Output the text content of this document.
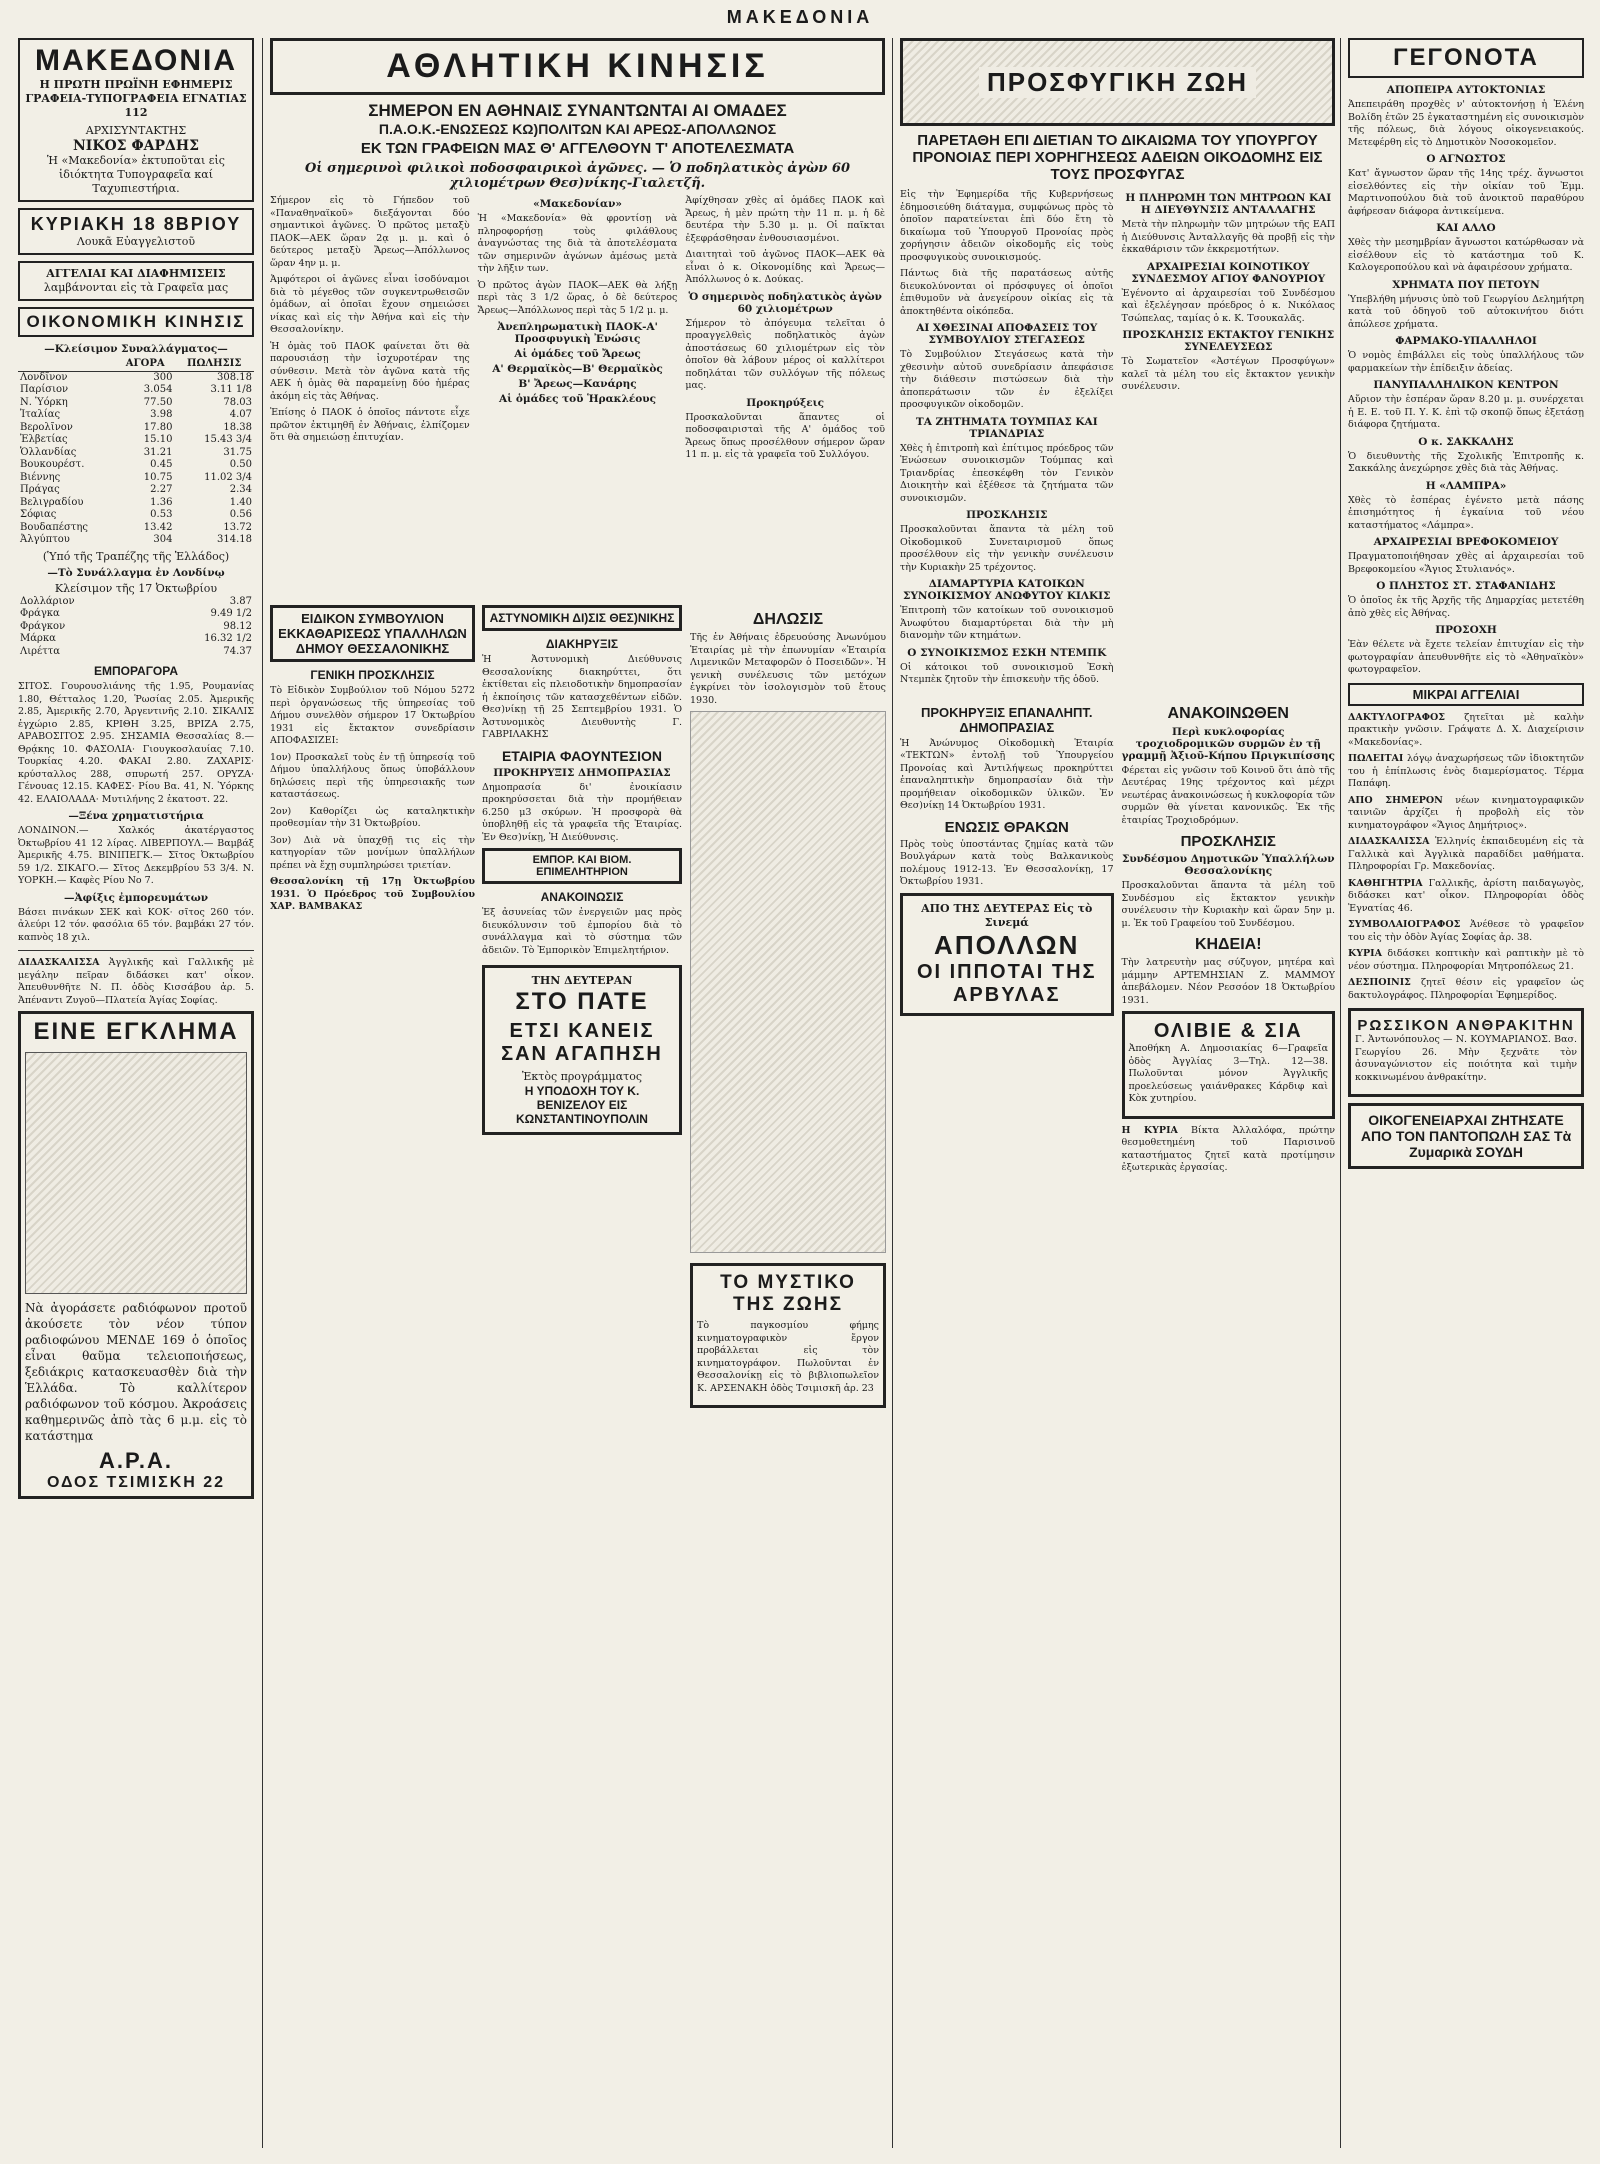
ΜΑΚΕΔΟΝΙΑ
ΜΑΚΕΔΟΝΙΑ
Η ΠΡΩΤΗ ΠΡΩΪΝΗ ΕΦΗΜΕΡΙΣ
ΓΡΑΦΕΙΑ-ΤΥΠΟΓΡΑΦΕΙΑ ΕΓΝΑΤΙΑΣ 112
ΑΡΧΙΣΥΝΤΑΚΤΗΣ
ΝΙΚΟΣ ΦΑΡΔΗΣ
Ἡ «Μακεδονία» ἐκτυποῦται εἰς ἰδιόκτητα Τυπογραφεῖα καί Ταχυπιεστήρια.
ΚΥΡΙΑΚΗ 18 8ΒΡΙΟΥ
Λουκᾶ Εὐαγγελιστοῦ
ΑΓΓΕΛΙΑΙ ΚΑΙ ΔΙΑΦΗΜΙΣΕΙΣ
λαμβάνονται εἰς τὰ Γραφεῖα μας
ΟΙΚΟΝΟΜΙΚΗ ΚΙΝΗΣΙΣ
—Κλείσιμον Συναλλάγματος—
	ΑΓΟΡΑ	ΠΩΛΗΣΙΣ
Λονδῖνον	300	308.18
Παρίσιον	3.054	3.11 1/8
Ν. Ὑόρκη	77.50	78.03
Ἰταλίας	3.98	4.07
Βερολῖνον	17.80	18.38
Ἐλβετίας	15.10	15.43 3/4
Ὁλλανδίας	31.21	31.75
Βουκουρέστ.	0.45	0.50
Βιέννης	10.75	11.02 3/4
Πράγας	2.27	2.34
Βελιγραδίου	1.36	1.40
Σόφιας	0.53	0.56
Βουδαπέστης	13.42	13.72
Ἀλγύπτου	304	314.18
(Ὑπό τῆς Τραπέζης τῆς Ἑλλάδος)
—Τὸ Συνάλλαγμα ἐν Λονδίνῳ
Κλείσιμον τῆς 17 Ὀκτωβρίου
Δολλάριον	3.87
Φράγκα	9.49 1/2
Φράγκον	98.12
Μάρκα	16.32 1/2
Λιρέττα	74.37
ΕΜΠΟΡΑΓΟΡΑ

ΣΙΤΟΣ. Γουρουσλιάνης τῆς 1.95, Ρουμανίας 1.80, Θέτταλος 1.20, Ῥωσίας 2.05. Ἀμερικῆς 2.85, Ἀμερικῆς 2.70, Ἀργεντινῆς 2.10. ΣΙΚΑΛΙΣ ἐγχώριο 2.85, ΚΡΙΘΗ 3.25, ΒΡΙΖΑ 2.75, ΑΡΑΒΟΣΙΤΟΣ 2.95. ΣΗΣΑΜΙΑ Θεσσαλίας 8.— Θρᾴκης 10. ΦΑΣΟΛΙΑ· Γιουγκοσλαυίας 7.10. Τουρκίας 4.20. ΦΑΚΑΙ 2.80. ΖΑΧΑΡΙΣ· κρύσταλλος 288, σπυρωτή 257. ΟΡΥΖΑ· Γένουας 12.15. ΚΑΦΕΣ· Ρίου Βα. 41, Ν. Ὑόρκης 42. ΕΛΑΙΟΛΑΔΑ· Μυτιλήνης 2 ἑκατοστ. 22.

—Ξένα χρηματιστήρια

ΛΟΝΔΙΝΟΝ.— Χαλκός ἀκατέργαστος Ὀκτωβρίου 41 12 λίρας. ΛΙΒΕΡΠΟΥΛ.— Βαμβάξ Ἀμερικῆς 4.75. ΒΙΝΙΠΕΓΚ.— Σῖτος Ὀκτωβρίου 59 1/2. ΣΙΚΑΓΟ.— Σῖτος Δεκεμβρίου 53 3/4. Ν. ΥΟΡΚΗ.— Καφὲς Ρίου Νο 7.

—Ἀφίξις ἐμπορευμάτων

Βάσει πινάκων ΣΕΚ καὶ ΚΟΚ· σῖτος 260 τόν. ἀλεύρι 12 τόν. φασόλια 65 τόν. βαμβάκι 27 τόν. καπνὸς 18 χιλ.

ΔΙΔΑΣΚΑΛΙΣΣΑ Ἀγγλικῆς καὶ Γαλλικῆς μὲ μεγάλην πεῖραν διδάσκει κατ' οἶκον. Ἀπευθυνθῆτε Ν. Π. ὁδὸς Κισσάβου ἀρ. 5. Ἀπέναντι Ζυγοῦ—Πλατεία Ἁγίας Σοφίας.

ΕΙΝΕ ΕΓΚΛΗΜΑ
Νὰ ἀγοράσετε ραδιόφωνον προτοῦ ἀκούσετε τὸν νέον τύπον ραδιοφώνου ΜΕΝΔΕ 169 ὁ ὁποῖος εἶναι θαῦμα τελειοποιήσεως, ξεδιάκρις κατασκευασθὲν διὰ τὴν Ἑλλάδα. Τὸ καλλίτερον ραδιόφωνον τοῦ κόσμου. Ἀκροάσεις καθημερινῶς ἀπὸ τὰς 6 μ.μ. εἰς τὸ κατάστημα
Α.Ρ.Α.
ΟΔΟΣ ΤΣΙΜΙΣΚΗ 22
ΑΘΛΗΤΙΚΗ ΚΙΝΗΣΙΣ
ΣΗΜΕΡΟΝ ΕΝ ΑΘΗΝΑΙΣ ΣΥΝΑΝΤΩΝΤΑΙ ΑΙ ΟΜΑΔΕΣ
Π.Α.Ο.Κ.-ΕΝΩΣΕΩΣ ΚΩ)ΠΟΛΙΤΩΝ ΚΑΙ ΑΡΕΩΣ-ΑΠΟΛΛΩΝΟΣ
ΕΚ ΤΩΝ ΓΡΑΦΕΙΩΝ ΜΑΣ Θ' ΑΓΓΕΛΘΟΥΝ Τ' ΑΠΟΤΕΛΕΣΜΑΤΑ
Οἱ σημερινοὶ φιλικοὶ ποδοσφαιρικοὶ ἀγῶνες. — Ὁ ποδηλατικὸς ἀγὼν 60 χιλιομέτρων Θεσ)νίκης-Γιαλετζῆ.

Σήμερον εἰς τὸ Γήπεδον τοῦ «Παναθηναϊκοῦ» διεξάγονται δύο σημαντικοὶ ἀγῶνες. Ὁ πρῶτος μεταξὺ ΠΑΟΚ—ΑΕΚ ὥραν 2ᾳ μ. μ. καὶ ὁ δεύτερος μεταξὺ Ἄρεως—Ἀπόλλωνος ὥραν 4ην μ. μ.

Ἀμφότεροι οἱ ἀγῶνες εἶναι ἰσοδύναμοι διὰ τὸ μέγεθος τῶν συγκεντρωθεισῶν ὁμάδων, αἱ ὁποῖαι ἔχουν σημειώσει νίκας καὶ εἰς τὴν Ἀθήνα καὶ εἰς τὴν Θεσσαλονίκην.

Ἡ ὁμὰς τοῦ ΠΑΟΚ φαίνεται ὅτι θὰ παρουσιάσῃ τὴν ἰσχυροτέραν της σύνθεσιν. Μετὰ τὸν ἀγῶνα κατὰ τῆς ΑΕΚ ἡ ὁμὰς θὰ παραμείνῃ δύο ἡμέρας ἀκόμη εἰς τὰς Ἀθήνας.

Ἐπίσης ὁ ΠΑΟΚ ὁ ὁποῖος πάντοτε εἶχε πρῶτον ἐκτιμηθῆ ἐν Ἀθήναις, ἐλπίζομεν ὅτι θὰ σημειώσῃ ἐπιτυχίαν.

«Μακεδονίαν»

Ἡ «Μακεδονία» θὰ φροντίσῃ νὰ πληροφορήσῃ τοὺς φιλάθλους ἀναγνώστας της διὰ τὰ ἀποτελέσματα τῶν σημερινῶν ἀγώνων ἀμέσως μετὰ τὴν λῆξιν των.

Ὁ πρῶτος ἀγὼν ΠΑΟΚ—ΑΕΚ θὰ λήξῃ περὶ τὰς 3 1/2 ὥρας, ὁ δὲ δεύτερος Ἄρεως—Ἀπόλλωνος περὶ τὰς 5 1/2 μ. μ.

Ἀνεπληρωματικὴ ΠΑΟΚ-Α' Προσφυγικὴ Ἐνώσις
Αἱ ὁμάδες τοῦ Ἄρεως
Α' Θερμαϊκὸς—Β' Θερμαϊκὸς
Β' Ἄρεως—Κανάρης
Αἱ ὁμάδες τοῦ Ἡρακλέους

Ἀφίχθησαν χθὲς αἱ ὁμάδες ΠΑΟΚ καὶ Ἄρεως, ἡ μὲν πρώτη τὴν 11 π. μ. ἡ δὲ δευτέρα τὴν 5.30 μ. μ. Οἱ παῖκται ἐξεφράσθησαν ἐνθουσιασμένοι.

Διαιτηταὶ τοῦ ἀγῶνος ΠΑΟΚ—ΑΕΚ θὰ εἶναι ὁ κ. Οἰκονομίδης καὶ Ἄρεως—Ἀπόλλωνος ὁ κ. Δούκας.

Ὁ σημερινὸς ποδηλατικὸς ἀγὼν 60 χιλιομέτρων

Σήμερον τὸ ἀπόγευμα τελεῖται ὁ προαγγελθεὶς ποδηλατικὸς ἀγὼν ἀποστάσεως 60 χιλιομέτρων εἰς τὸν ὁποῖον θὰ λάβουν μέρος οἱ καλλίτεροι ποδηλάται τῶν συλλόγων τῆς πόλεως μας.

Προκηρύξεις

Προσκαλοῦνται ἅπαντες οἱ ποδοσφαιρισταὶ τῆς Α' ὁμάδος τοῦ Ἄρεως ὅπως προσέλθουν σήμερον ὥραν 11 π. μ. εἰς τὰ γραφεῖα τοῦ Συλλόγου.

ΕΙΔΙΚΟΝ ΣΥΜΒΟΥΛΙΟΝ ΕΚΚΑΘΑΡΙΣΕΩΣ ΥΠΑΛΛΗΛΩΝ ΔΗΜΟΥ ΘΕΣΣΑΛΟΝΙΚΗΣ
ΓΕΝΙΚΗ ΠΡΟΣΚΛΗΣΙΣ

Τὸ Εἰδικὸν Συμβούλιον τοῦ Νόμου 5272 περὶ ὀργανώσεως τῆς ὑπηρεσίας τοῦ Δήμου συνελθὸν σήμερον 17 Ὀκτωβρίου 1931 εἰς ἔκτακτον συνεδρίασιν ΑΠΟΦΑΣΙΖΕΙ:

1ον) Προσκαλεῖ τοὺς ἐν τῇ ὑπηρεσίᾳ τοῦ Δήμου ὑπαλλήλους ὅπως ὑποβάλλουν δηλώσεις περὶ τῆς ὑπηρεσιακῆς των καταστάσεως.

2ον) Καθορίζει ὡς καταληκτικὴν προθεσμίαν τὴν 31 Ὀκτωβρίου.

3ον) Διὰ νὰ ὑπαχθῇ τις εἰς τὴν κατηγορίαν τῶν μονίμων ὑπαλλήλων πρέπει νὰ ἔχῃ συμπληρώσει τριετίαν.

Θεσσαλονίκη τῇ 17ῃ Ὀκτωβρίου 1931. Ὁ Πρόεδρος τοῦ Συμβουλίου ΧΑΡ. ΒΑΜΒΑΚΑΣ

ΑΣΤΥΝΟΜΙΚΗ ΔΙ)ΣΙΣ ΘΕΣ)ΝΙΚΗΣ
ΔΙΑΚΗΡΥΞΙΣ

Ἡ Ἀστυνομικὴ Διεύθυνσις Θεσσαλονίκης διακηρύττει, ὅτι ἐκτίθεται εἰς πλειοδοτικὴν δημοπρασίαν ἡ ἐκποίησις τῶν κατασχεθέντων εἰδῶν. Θεσ)νίκῃ τῇ 25 Σεπτεμβρίου 1931. Ὁ Ἀστυνομικὸς Διευθυντὴς Γ. ΓΑΒΡΙΛΑΚΗΣ

ΕΤΑΙΡΙΑ ΦΑΟΥΝΤΕΣΙΟΝ
ΠΡΟΚΗΡΥΞΙΣ ΔΗΜΟΠΡΑΣΙΑΣ

Δημοπρασία δι' ἐνοικίασιν προκηρύσσεται διὰ τὴν προμήθειαν 6.250 μ3 σκύρων. Ἡ προσφορὰ θὰ ὑποβληθῇ εἰς τὰ γραφεῖα τῆς Ἑταιρίας. Ἐν Θεσ)νίκῃ, Ἡ Διεύθυνσις.

ΕΜΠΟΡ. ΚΑΙ ΒΙΟΜ. ΕΠΙΜΕΛΗΤΗΡΙΟΝ
ΑΝΑΚΟΙΝΩΣΙΣ

Ἐξ ἀσυνείας τῶν ἐνεργειῶν μας πρὸς διευκόλυνσιν τοῦ ἐμπορίου διὰ τὸ συνάλλαγμα καὶ τὸ σύστημα τῶν ἀδειῶν. Τὸ Ἐμπορικὸν Ἐπιμελητήριον.

ΤΗΝ ΔΕΥΤΕΡΑΝ
ΣΤΟ ΠΑΤΕ
ΕΤΣΙ ΚΑΝΕΙΣ ΣΑΝ ΑΓΑΠΗΣΗ
Ἐκτὸς προγράμματος
Η ΥΠΟΔΟΧΗ ΤΟΥ Κ. ΒΕΝΙΖΕΛΟΥ ΕΙΣ ΚΩΝΣΤΑΝΤΙΝΟΥΠΟΛΙΝ
ΔΗΛΩΣΙΣ

Τῆς ἐν Ἀθήναις ἑδρευούσης Ἀνωνύμου Ἑταιρίας μὲ τὴν ἐπωνυμίαν «Ἑταιρία Λιμενικῶν Μεταφορῶν ὁ Ποσειδῶν». Ἡ γενικὴ συνέλευσις τῶν μετόχων ἐγκρίνει τὸν ἰσολογισμὸν τοῦ ἔτους 1930.

ΤΟ ΜΥΣΤΙΚΟ ΤΗΣ ΖΩΗΣ

Τὸ παγκοσμίου φήμης κινηματογραφικὸν ἔργον προβάλλεται εἰς τὸν κινηματογράφον. Πωλοῦνται ἐν Θεσσαλονίκῃ εἰς τὸ βιβλιοπωλεῖον Κ. ΑΡΣΕΝΑΚΗ ὁδὸς Τσιμισκῆ ἀρ. 23

ΠΡΟΣΦΥΓΙΚΗ ΖΩΗ
ΠΑΡΕΤΑΘΗ ΕΠΙ ΔΙΕΤΙΑΝ ΤΟ ΔΙΚΑΙΩΜΑ ΤΟΥ ΥΠΟΥΡΓΟΥ ΠΡΟΝΟΙΑΣ ΠΕΡΙ ΧΟΡΗΓΗΣΕΩΣ ΑΔΕΙΩΝ ΟΙΚΟΔΟΜΗΣ ΕΙΣ ΤΟΥΣ ΠΡΟΣΦΥΓΑΣ

Εἰς τὴν Ἐφημερίδα τῆς Κυβερνήσεως ἐδημοσιεύθη διάταγμα, συμφώνως πρὸς τὸ ὁποῖον παρατείνεται ἐπὶ δύο ἔτη τὸ δικαίωμα τοῦ Ὑπουργοῦ Προνοίας πρὸς χορήγησιν ἀδειῶν οἰκοδομῆς εἰς τοὺς προσφυγικοὺς συνοικισμούς.

Πάντως διὰ τῆς παρατάσεως αὐτῆς διευκολύνονται οἱ πρόσφυγες οἱ ὁποῖοι ἐπιθυμοῦν νὰ ἀνεγείρουν οἰκίας εἰς τὰ ἀποκτηθέντα οἰκόπεδα.

ΑΙ ΧΘΕΣΙΝΑΙ ΑΠΟΦΑΣΕΙΣ ΤΟΥ ΣΥΜΒΟΥΛΙΟΥ ΣΤΕΓΑΣΕΩΣ

Τὸ Συμβούλιον Στεγάσεως κατὰ τὴν χθεσινὴν αὐτοῦ συνεδρίασιν ἀπεφάσισε τὴν διάθεσιν πιστώσεων διὰ τὴν ἀποπεράτωσιν τῶν ἐν ἐξελίξει προσφυγικῶν οἰκοδομῶν.

ΤΑ ΖΗΤΗΜΑΤΑ ΤΟΥΜΠΑΣ ΚΑΙ ΤΡΙΑΝΔΡΙΑΣ

Χθὲς ἡ ἐπιτροπὴ καὶ ἐπίτιμος πρόεδρος τῶν Ἐνώσεων συνοικισμῶν Τούμπας καὶ Τριανδρίας ἐπεσκέφθη τὸν Γενικὸν Διοικητὴν καὶ ἐξέθεσε τὰ ζητήματα τῶν συνοικισμῶν.

ΠΡΟΣΚΛΗΣΙΣ

Προσκαλοῦνται ἅπαντα τὰ μέλη τοῦ Οἰκοδομικοῦ Συνεταιρισμοῦ ὅπως προσέλθουν εἰς τὴν γενικὴν συνέλευσιν τὴν Κυριακὴν 25 τρέχοντος.

ΔΙΑΜΑΡΤΥΡΙΑ ΚΑΤΟΙΚΩΝ ΣΥΝΟΙΚΙΣΜΟΥ ΑΝΩΦΥΤΟΥ ΚΙΛΚΙΣ

Ἐπιτροπὴ τῶν κατοίκων τοῦ συνοικισμοῦ Ἀνωφύτου διαμαρτύρεται διὰ τὴν μὴ διανομὴν τῶν κτημάτων.

Ο ΣΥΝΟΙΚΙΣΜΟΣ ΕΣΚΗ ΝΤΕΜΠΚ

Οἱ κάτοικοι τοῦ συνοικισμοῦ Ἐσκὴ Ντεμπὲκ ζητοῦν τὴν ἐπισκευὴν τῆς ὁδοῦ.

Η ΠΛΗΡΩΜΗ ΤΩΝ ΜΗΤΡΩΩΝ ΚΑΙ Η ΔΙΕΥΘΥΝΣΙΣ ΑΝΤΑΛΛΑΓΗΣ

Μετὰ τὴν πληρωμὴν τῶν μητρώων τῆς ΕΑΠ ἡ Διεύθυνσις Ἀνταλλαγῆς θὰ προβῇ εἰς τὴν ἐκκαθάρισιν τῶν ἐκκρεμοτήτων.

ΑΡΧΑΙΡΕΣΙΑΙ ΚΟΙΝΟΤΙΚΟΥ ΣΥΝΔΕΣΜΟΥ ΑΓΙΟΥ ΦΑΝΟΥΡΙΟΥ

Ἐγένοντο αἱ ἀρχαιρεσίαι τοῦ Συνδέσμου καὶ ἐξελέγησαν πρόεδρος ὁ κ. Νικόλαος Τσώπελας, ταμίας ὁ κ. Κ. Τσουκαλᾶς.

ΠΡΟΣΚΛΗΣΙΣ ΕΚΤΑΚΤΟΥ ΓΕΝΙΚΗΣ ΣΥΝΕΛΕΥΣΕΩΣ

Τὸ Σωματεῖον «Ἀστέγων Προσφύγων» καλεῖ τὰ μέλη του εἰς ἔκτακτον γενικὴν συνέλευσιν.

ΠΡΟΚΗΡΥΞΙΣ ΕΠΑΝΑΛΗΠΤ. ΔΗΜΟΠΡΑΣΙΑΣ

Ἡ Ἀνώνυμος Οἰκοδομικὴ Ἑταιρία «ΤΕΚΤΩΝ» ἐντολῇ τοῦ Ὑπουργείου Προνοίας καὶ Ἀντιλήψεως προκηρύττει ἐπαναληπτικὴν δημοπρασίαν διὰ τὴν προμήθειαν οἰκοδομικῶν ὑλικῶν. Ἐν Θεσ)νίκῃ 14 Ὀκτωβρίου 1931.

ΕΝΩΣΙΣ ΘΡΑΚΩΝ

Πρὸς τοὺς ὑποστάντας ζημίας κατὰ τῶν Βουλγάρων κατὰ τοὺς Βαλκανικοὺς πολέμους 1912-13. Ἐν Θεσσαλονίκῃ, 17 Ὀκτωβρίου 1931.

ΑΠΟ ΤΗΣ ΔΕΥΤΕΡΑΣ Εἰς τὸ Σινεμά
ΑΠΟΛΛΩΝ
ΟΙ ΙΠΠΟΤΑΙ ΤΗΣ ΑΡΒΥΛΑΣ
ΑΝΑΚΟΙΝΩΘΕΝ
Περὶ κυκλοφορίας τροχιοδρομικῶν συρμῶν ἐν τῇ γραμμῇ Ἀξιοῦ-Κήπου Πριγκιπίσσης

Φέρεται εἰς γνῶσιν τοῦ Κοινοῦ ὅτι ἀπὸ τῆς Δευτέρας 19ης τρέχοντος καὶ μέχρι νεωτέρας ἀνακοινώσεως ἡ κυκλοφορία τῶν συρμῶν θὰ γίνεται κανονικῶς. Ἐκ τῆς ἑταιρίας Τροχιοδρόμων.

ΠΡΟΣΚΛΗΣΙΣ
Συνδέσμου Δημοτικῶν Ὑπαλλήλων Θεσσαλονίκης

Προσκαλοῦνται ἅπαντα τὰ μέλη τοῦ Συνδέσμου εἰς ἔκτακτον γενικὴν συνέλευσιν τὴν Κυριακὴν καὶ ὥραν 5ην μ. μ. Ἐκ τοῦ Γραφείου τοῦ Συνδέσμου.

ΚΗΔΕΙΑ!

Τὴν λατρευτὴν μας σύζυγον, μητέρα καὶ μάμμην ΑΡΤΕΜΗΣΙΑΝ Ζ. ΜΑΜΜΟΥ ἀπεβάλομεν. Νέον Ρεσσόον 18 Ὀκτωβρίου 1931.

ΟΛΙΒΙΕ & ΣΙΑ

Ἀποθήκη Α. Δημοσιακίας 6—Γραφεῖα ὁδὸς Ἀγγλίας 3—Τηλ. 12—38. Πωλοῦνται μόνον Ἀγγλικῆς προελεύσεως γαιάνθρακες Κάρδιφ καὶ Κὸκ χυτηρίου.

Η ΚΥΡΙΑ Βίκτα Ἀλλαλόφα, πρώτην θεσμοθετημένη τοῦ Παρισινοῦ καταστήματος ζητεῖ κατὰ προτίμησιν ἐξωτερικὰς ἐργασίας.

ΓΕΓΟΝΟΤΑ
ΑΠΟΠΕΙΡΑ ΑΥΤΟΚΤΟΝΙΑΣ

Ἀπεπειράθη προχθὲς ν' αὐτοκτονήσῃ ἡ Ἑλένη Βολίδη ἐτῶν 25 ἐγκαταστημένη εἰς συνοικισμὸν τῆς πόλεως, διὰ λόγους οἰκογενειακούς. Μετεφέρθη εἰς τὸ Δημοτικὸν Νοσοκομεῖον.

Ο ΑΓΝΩΣΤΟΣ

Κατ' ἄγνωστον ὥραν τῆς 14ης τρέχ. ἄγνωστοι εἰσελθόντες εἰς τὴν οἰκίαν τοῦ Ἐμμ. Μαρτινοπούλου διὰ τοῦ ἀνοικτοῦ παραθύρου ἀφήρεσαν διάφορα ἀντικείμενα.

ΚΑΙ ΑΛΛΟ

Χθὲς τὴν μεσημβρίαν ἄγνωστοι κατώρθωσαν νὰ εἰσέλθουν εἰς τὸ κατάστημα τοῦ Κ. Καλογεροπούλου καὶ νὰ ἀφαιρέσουν χρήματα.

ΧΡΗΜΑΤΑ ΠΟΥ ΠΕΤΟΥΝ

Ὑπεβλήθη μήνυσις ὑπὸ τοῦ Γεωργίου Δελημήτρη κατὰ τοῦ ὁδηγοῦ τοῦ αὐτοκινήτου διότι ἀπώλεσε χρήματα.

ΦΑΡΜΑΚΟ-ΥΠΑΛΛΗΛΟΙ

Ὁ νομὸς ἐπιβάλλει εἰς τοὺς ὑπαλλήλους τῶν φαρμακείων τὴν ἐπίδειξιν ἀδείας.

ΠΑΝΥΠΑΛΛΗΛΙΚΟΝ ΚΕΝΤΡΟΝ

Αὔριον τὴν ἑσπέραν ὥραν 8.20 μ. μ. συνέρχεται ἡ Ε. Ε. τοῦ Π. Υ. Κ. ἐπὶ τῷ σκοπῷ ὅπως ἐξετάσῃ διάφορα ζητήματα.

Ο κ. ΣΑΚΚΑΛΗΣ

Ὁ διευθυντὴς τῆς Σχολικῆς Ἐπιτροπῆς κ. Σακκάλης ἀνεχώρησε χθὲς διὰ τὰς Ἀθήνας.

Η «ΛΑΜΠΡΑ»

Χθὲς τὸ ἑσπέρας ἐγένετο μετὰ πάσης ἐπισημότητος ἡ ἐγκαίνια τοῦ νέου καταστήματος «Λάμπρα».

ΑΡΧΑΙΡΕΣΙΑΙ ΒΡΕΦΟΚΟΜΕΙΟΥ

Πραγματοποιήθησαν χθὲς αἱ ἀρχαιρεσίαι τοῦ Βρεφοκομείου «Ἅγιος Στυλιανός».

Ο ΠΛΗΣΤΟΣ ΣΤ. ΣΤΑΦΑΝΙΔΗΣ

Ὁ ὁποῖος ἐκ τῆς Ἀρχῆς τῆς Δημαρχίας μετετέθη ἀπὸ χθὲς εἰς Ἀθήνας.

ΠΡΟΣΟΧΗ

Ἐὰν θέλετε νὰ ἔχετε τελείαν ἐπιτυχίαν εἰς τὴν φωτογραφίαν ἀπευθυνθῆτε εἰς τὸ «Ἀθηναϊκὸν» φωτογραφεῖον.

ΜΙΚΡΑΙ ΑΓΓΕΛΙΑΙ

ΔΑΚΤΥΛΟΓΡΑΦΟΣ ζητεῖται μὲ καλὴν πρακτικὴν γνῶσιν. Γράψατε Δ. Χ. Διαχείρισιν «Μακεδονίας».

ΠΩΛΕΙΤΑΙ λόγῳ ἀναχωρήσεως τῶν ἰδιοκτητῶν του ἡ ἐπίπλωσις ἑνὸς διαμερίσματος. Τέρμα Παπάφη.

ΑΠΟ ΣΗΜΕΡΟΝ νέων κινηματογραφικῶν ταινιῶν ἀρχίζει ἡ προβολὴ εἰς τὸν κινηματογράφον «Ἅγιος Δημήτριος».

ΔΙΔΑΣΚΑΛΙΣΣΑ Ἑλληνίς ἐκπαιδευμένη εἰς τὰ Γαλλικὰ καὶ Ἀγγλικὰ παραδίδει μαθήματα. Πληροφορίαι Γρ. Μακεδονίας.

ΚΑΘΗΓΗΤΡΙΑ Γαλλικῆς, ἀρίστη παιδαγωγὸς, διδάσκει κατ' οἶκον. Πληροφορίαι ὁδὸς Ἐγνατίας 46.

ΣΥΜΒΟΛΑΙΟΓΡΑΦΟΣ Ἀνέθεσε τὸ γραφεῖον του εἰς τὴν ὁδὸν Ἀγίας Σοφίας ἀρ. 38.

ΚΥΡΙΑ διδάσκει κοπτικὴν καὶ ραπτικὴν μὲ τὸ νέον σύστημα. Πληροφορίαι Μητροπόλεως 21.

ΔΕΣΠΟΙΝΙΣ ζητεῖ θέσιν εἰς γραφεῖον ὡς δακτυλογράφος. Πληροφορίαι Ἐφημερίδος.

ΡΩΣΣΙΚΟΝ ΑΝΘΡΑΚΙΤΗΝ

Γ. Ἀντωνόπουλος — Ν. ΚΟΥΜΑΡΙΑΝΟΣ. Βασ. Γεωργίου 26. Μὴν ξεχνᾶτε τὸν ἀσυναγώνιστον εἰς ποιότητα καὶ τιμὴν κοκκινωμένου ἀνθρακίτην.

ΟΙΚΟΓΕΝΕΙΑΡΧΑΙ ΖΗΤΗΣΑΤΕ ΑΠΟ ΤΟΝ ΠΑΝΤΟΠΩΛΗ ΣΑΣ Τὰ Ζυμαρικὰ ΣΟΥΔΗ
